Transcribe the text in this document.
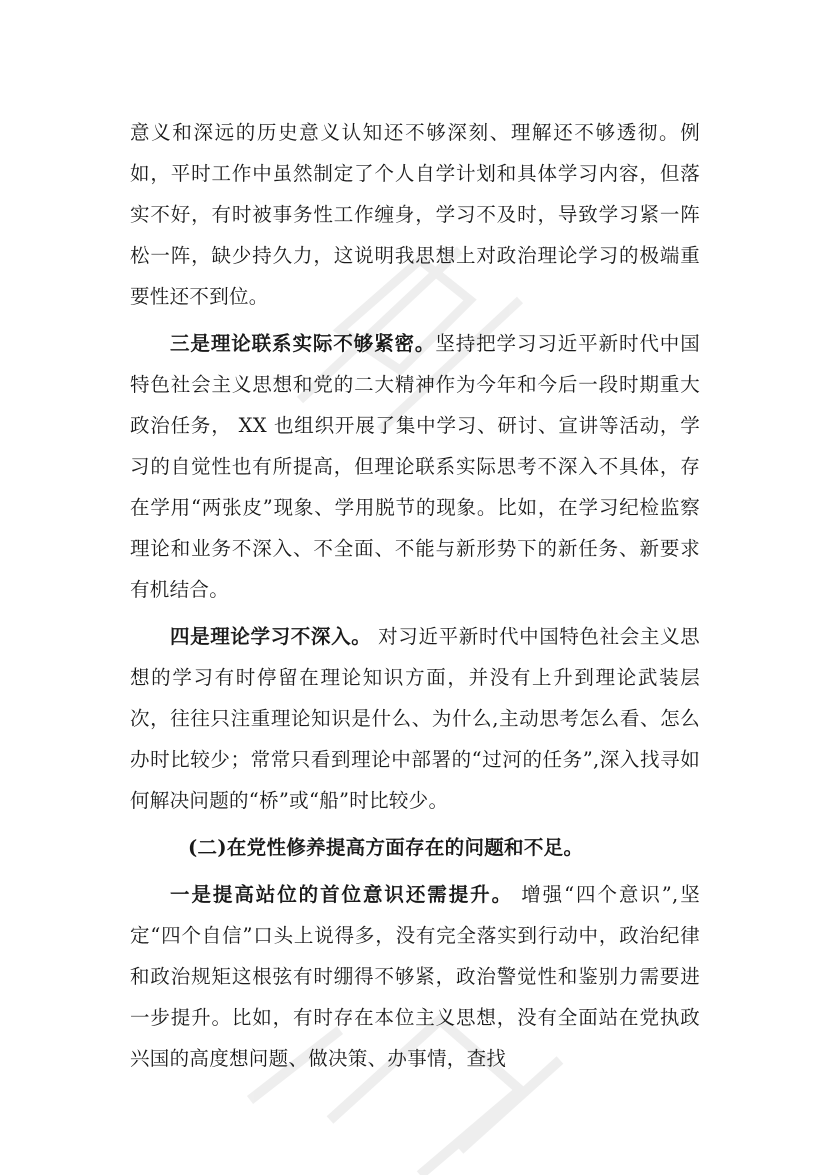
意义和深远的历史意义认知还不够深刻、理解还不够透彻。例如，平时工作中虽然制定了个人自学计划和具体学习内容，但落实不好，有时被事务性工作缠身，学习不及时，导致学习紧一阵松一阵，缺少持久力，这说明我思想上对政治理论学习的极端重要性还不到位。

三是理论联系实际不够紧密。坚持把学习习近平新时代中国特色社会主义思想和党的二大精神作为今年和今后一段时期重大政治任务， XX 也组织开展了集中学习、研讨、宣讲等活动，学习的自觉性也有所提高，但理论联系实际思考不深入不具体，存在学用“两张皮”现象、学用脱节的现象。比如，在学习纪检监察理论和业务不深入、不全面、不能与新形势下的新任务、新要求有机结合。

四是理论学习不深入。 对习近平新时代中国特色社会主义思想的学习有时停留在理论知识方面，并没有上升到理论武装层次，往往只注重理论知识是什么、为什么,主动思考怎么看、怎么办时比较少；常常只看到理论中部署的“过河的任务”,深入找寻如何解决问题的“桥”或“船”时比较少。

(二)在党性修养提高方面存在的问题和不足。

一是提高站位的首位意识还需提升。 增强“四个意识”,坚定“四个自信”口头上说得多，没有完全落实到行动中，政治纪律和政治规矩这根弦有时绷得不够紧，政治警觉性和鉴别力需要进一步提升。比如，有时存在本位主义思想，没有全面站在党执政兴国的高度想问题、做决策、办事情，查找
